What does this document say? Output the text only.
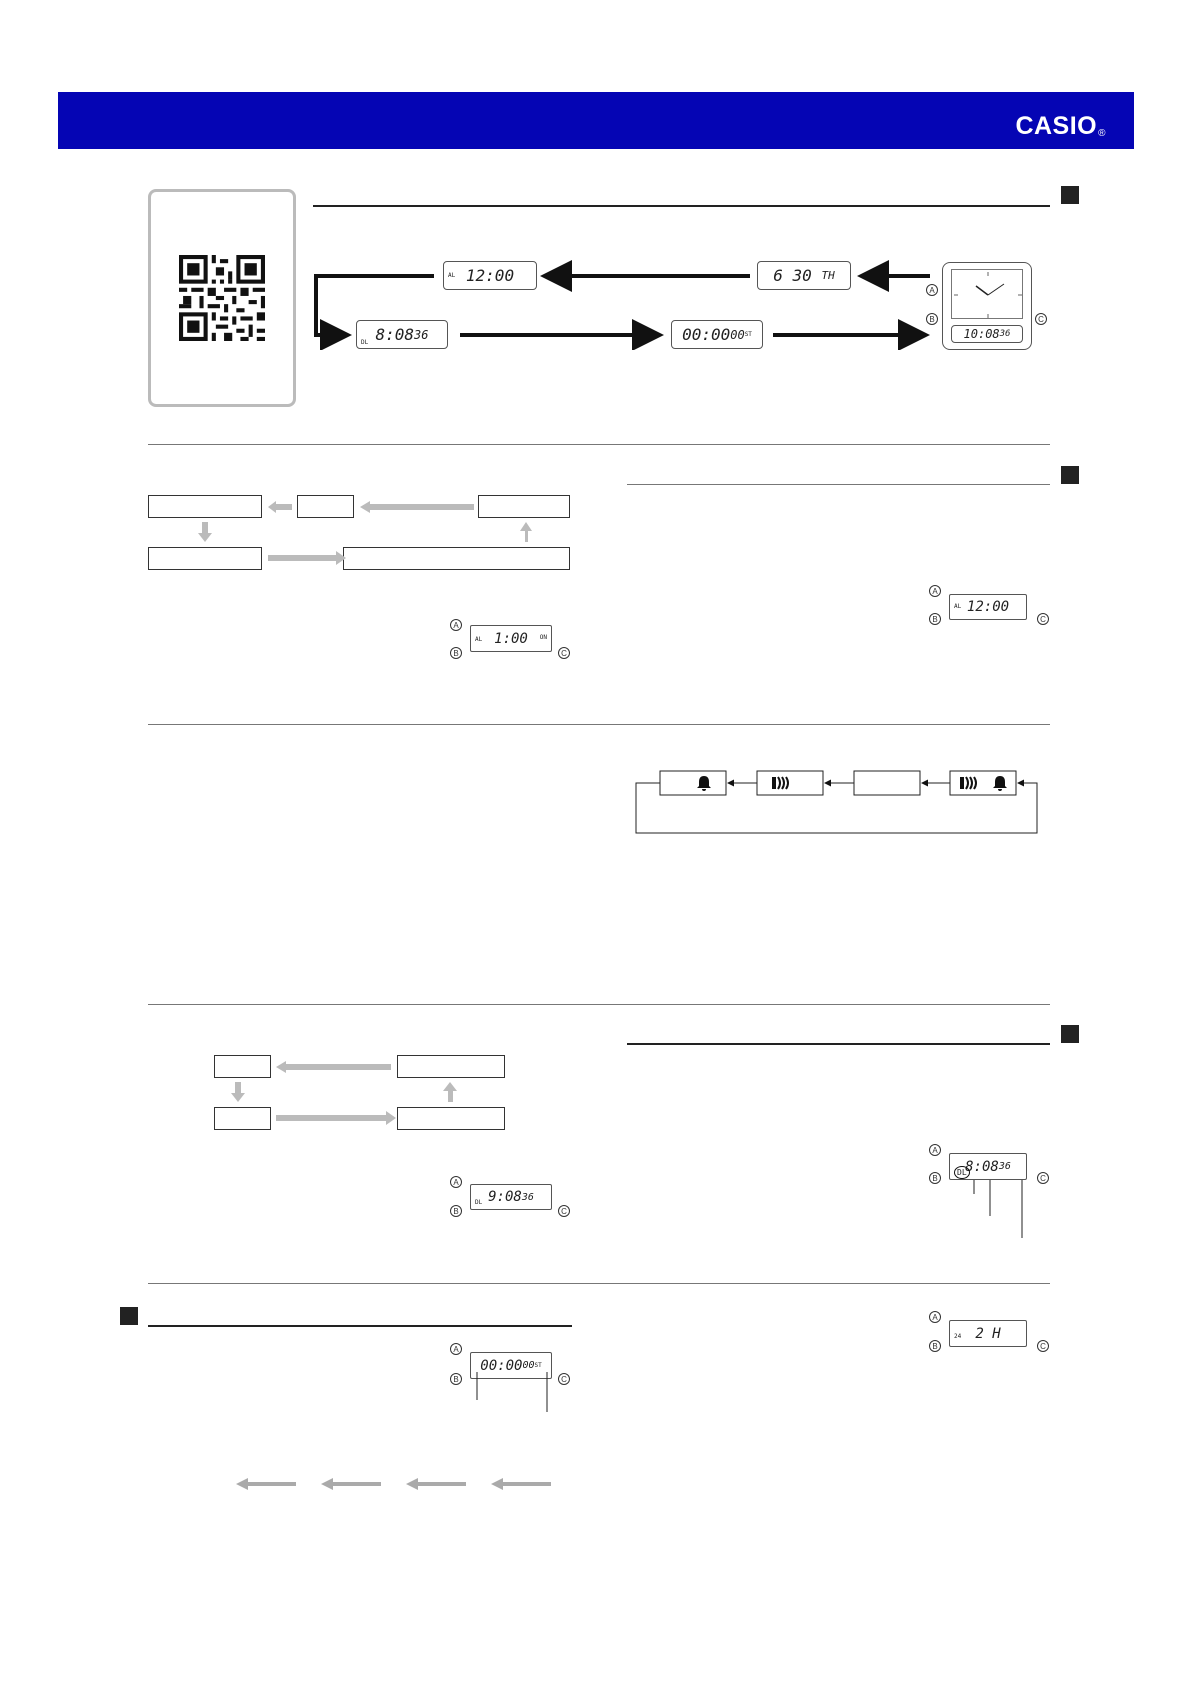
CASIO®
AL 12:00	6 30
TH
DL 8:08 36	00:00 00 ST	10:08 36
A
B	C
A
B	C
AL 1:00 ON
A
B	C
AL 12:00
A
B	C
DL 9:08 36
A
B	C
DL
8:08 36
A
B	C
00:00 00 ST
A
B	C
24 2 H
